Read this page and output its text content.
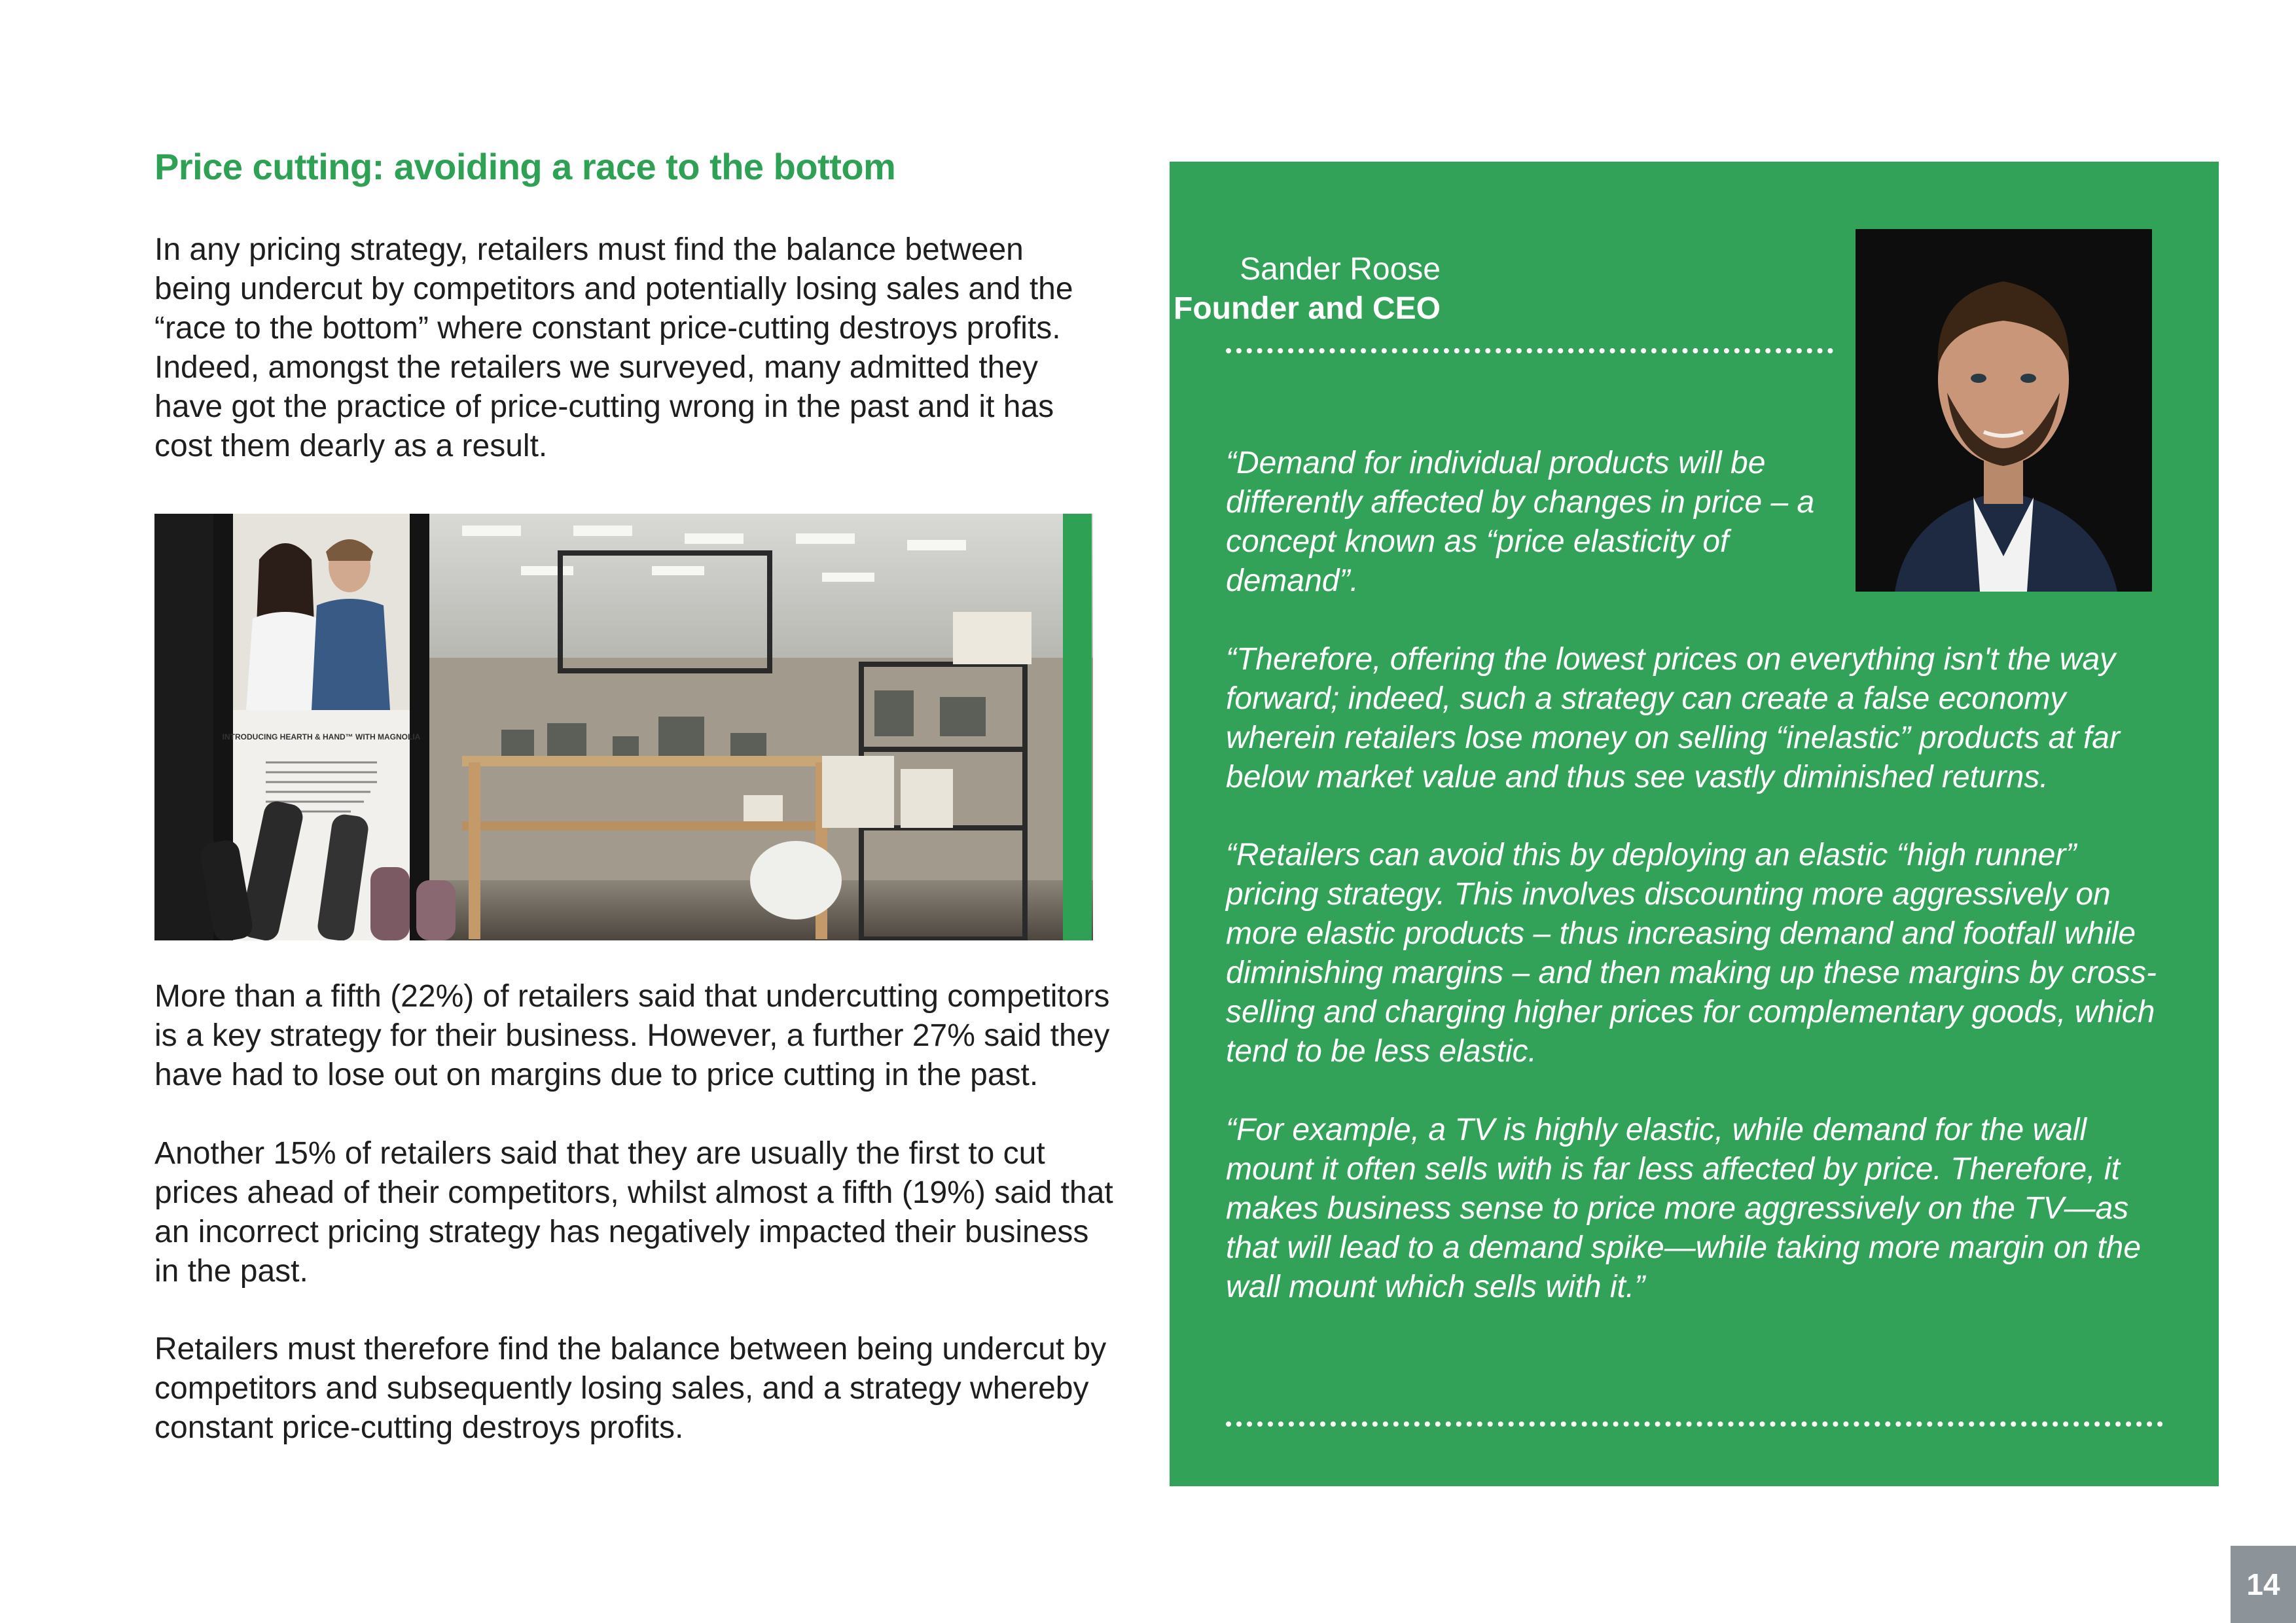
Price cutting: avoiding a race to the bottom

In any pricing strategy, retailers must find the balance between being undercut by competitors and potentially losing sales and the “race to the bottom” where constant price-cutting destroys profits. Indeed, amongst the retailers we surveyed, many admitted they have got the practice of price-cutting wrong in the past and it has cost them dearly as a result.

INTRODUCING HEARTH & HAND™ WITH MAGNOLIA

More than a fifth (22%) of retailers said that undercutting competitors is a key strategy for their business. However, a further 27% said they have had to lose out on margins due to price cutting in the past.

Another 15% of retailers said that they are usually the first to cut prices ahead of their competitors, whilst almost a fifth (19%) said that an incorrect pricing strategy has negatively impacted their business in the past.

Retailers must therefore find the balance between being undercut by competitors and subsequently losing sales, and a strategy whereby constant price-cutting destroys profits.

Sander Roose

Founder and CEO

“Demand for individual products will be differently affected by changes in price – a concept known as “price elasticity of demand”.

“Therefore, offering the lowest prices on everything isn't the way forward; indeed, such a strategy can create a false economy wherein retailers lose money on selling “inelastic” products at far below market value and thus see vastly diminished returns.

“Retailers can avoid this by deploying an elastic “high runner” pricing strategy. This involves discounting more aggressively on more elastic products – thus increasing demand and footfall while diminishing margins – and then making up these margins by cross-selling and charging higher prices for complementary goods, which tend to be less elastic.

“For example, a TV is highly elastic, while demand for the wall mount it often sells with is far less affected by price. Therefore, it makes business sense to price more aggressively on the TV—as that will lead to a demand spike—while taking more margin on the wall mount which sells with it.”

14
